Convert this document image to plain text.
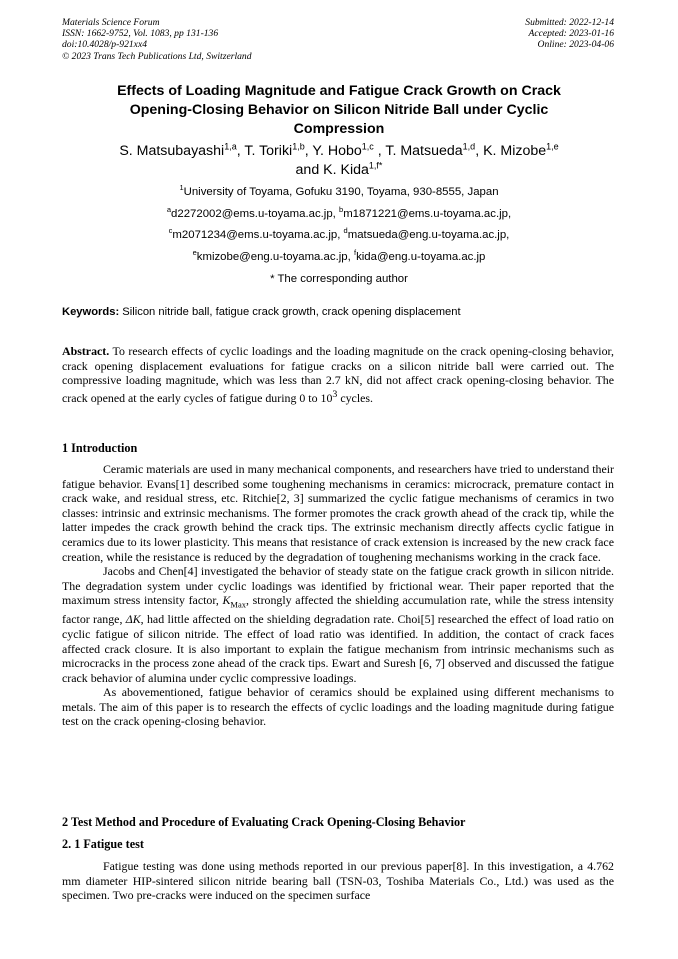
Materials Science Forum
ISSN: 1662-9752, Vol. 1083, pp 131-136
doi:10.4028/p-921xx4
© 2023 Trans Tech Publications Ltd, Switzerland
Submitted: 2022-12-14
Accepted: 2023-01-16
Online: 2023-04-06
Effects of Loading Magnitude and Fatigue Crack Growth on Crack
Opening-Closing Behavior on Silicon Nitride Ball under Cyclic
Compression
S. Matsubayashi$^{1,a}$, T. Toriki$^{1,b}$, Y. Hobo$^{1,c}$ , T. Matsueda$^{1,d}$, K. Mizobe$^{1,e}$
and K. Kida$^{1,f*}$
$^1$University of Toyama, Gofuku 3190, Toyama, 930-8555, Japan
$^a$d2272002@ems.u-toyama.ac.jp, $^b$m1871221@ems.u-toyama.ac.jp,
$^c$m2071234@ems.u-toyama.ac.jp, $^d$matsueda@eng.u-toyama.ac.jp,
$^e$kmizobe@eng.u-toyama.ac.jp, $^f$kida@eng.u-toyama.ac.jp
* The corresponding author
Keywords: Silicon nitride ball, fatigue crack growth, crack opening displacement
Abstract. To research effects of cyclic loadings and the loading magnitude on the crack opening-closing behavior, crack opening displacement evaluations for fatigue cracks on a silicon nitride ball were carried out. The compressive loading magnitude, which was less than 2.7 kN, did not affect crack opening-closing behavior. The crack opened at the early cycles of fatigue during 0 to $10^3$ cycles.
1 Introduction

Ceramic materials are used in many mechanical components, and researchers have tried to understand their fatigue behavior. Evans[1] described some toughening mechanisms in ceramics: microcrack, premature contact in crack wake, and residual stress, etc. Ritchie[2, 3] summarized the cyclic fatigue mechanisms of ceramics in two classes: intrinsic and extrinsic mechanisms. The former promotes the crack growth ahead of the crack tip, while the latter impedes the crack growth behind the crack tips. The extrinsic mechanism directly affects cyclic fatigue in ceramics due to its lower plasticity. This means that resistance of crack extension is increased by the new crack face creation, while the resistance is reduced by the degradation of toughening mechanisms working in the crack face.

Jacobs and Chen[4] investigated the behavior of steady state on the fatigue crack growth in silicon nitride. The degradation system under cyclic loadings was identified by frictional wear. Their paper reported that the maximum stress intensity factor, $K_{Max}$, strongly affected the shielding accumulation rate, while the stress intensity factor range, ΔK, had little affected on the shielding degradation rate. Choi[5] researched the effect of load ratio on cyclic fatigue of silicon nitride. The effect of load ratio was identified. In addition, the contact of crack faces affected crack closure. It is also important to explain the fatigue mechanism from intrinsic mechanisms such as microcracks in the process zone ahead of the crack tips. Ewart and Suresh [6, 7] observed and discussed the fatigue crack behavior of alumina under cyclic compressive loadings.

As abovementioned, fatigue behavior of ceramics should be explained using different mechanisms to metals. The aim of this paper is to research the effects of cyclic loadings and the loading magnitude during fatigue test on the crack opening-closing behavior.

2 Test Method and Procedure of Evaluating Crack Opening-Closing Behavior
2. 1 Fatigue test

Fatigue testing was done using methods reported in our previous paper[8]. In this investigation, a 4.762 mm diameter HIP-sintered silicon nitride bearing ball (TSN-03, Toshiba Materials Co., Ltd.) was used as the specimen. Two pre-cracks were induced on the specimen surface
